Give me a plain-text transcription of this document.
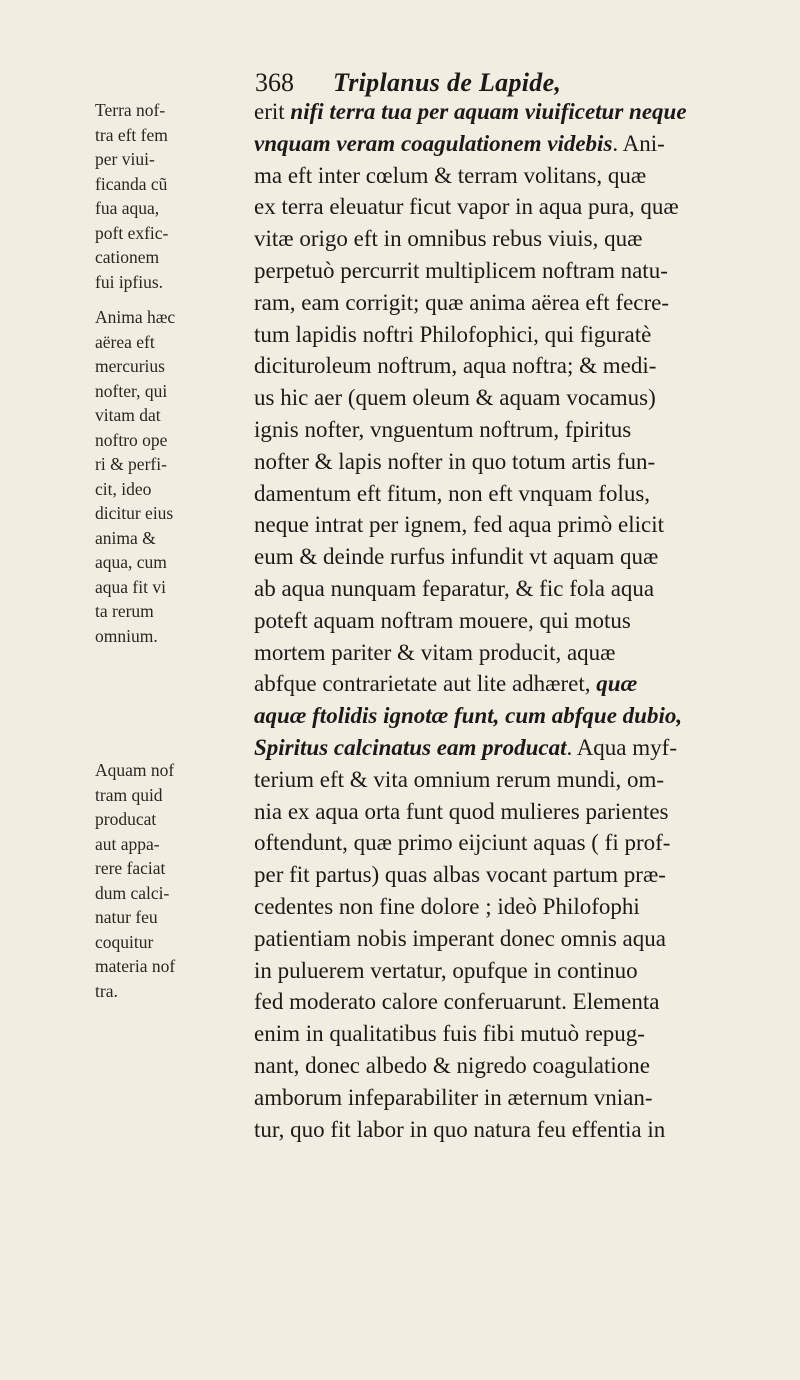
368	Triplanus de Lapide,
Terra nof-
tra eft fem
per viui-
ficanda cũ
fua aqua,
poft exfic-
cationem
fui ipfius.
Anima hæc
aërea eft
mercurius
nofter, qui
vitam dat
noftro ope
ri & perfi-
cit, ideo
dicitur eius
anima &
aqua, cum
aqua fit vi
ta rerum
omnium.
Aquam nof
tram quid
producat
aut appa-
rere faciat
dum calci-
natur feu
coquitur
materia nof
tra.
erit nifi terra tua per aquam viuificetur neque
vnquam veram coagulationem videbis. Ani-
ma eft inter cœlum & terram volitans, quæ
ex terra eleuatur ficut vapor in aqua pura, quæ
vitæ origo eft in omnibus rebus viuis, quæ
perpetuò percurrit multiplicem noftram natu-
ram, eam corrigit; quæ anima aërea eft fecre-
tum lapidis noftri Philofophici, qui figuratè
diciturоleum noftrum, aqua noftra; & medi-
us hic aer (quem oleum & aquam vocamus)
ignis nofter, vnguentum noftrum, fpiritus
nofter & lapis nofter in quo totum artis fun-
damentum eft fitum, non eft vnquam folus,
neque intrat per ignem, fed aqua primò elicit
eum & deinde rurfus infundit vt aquam quæ
ab aqua nunquam feparatur, & fic fola aqua
poteft aquam noftram mouere, qui motus
mortem pariter & vitam producit, aquæ
abfque contrarietate aut lite adhæret, quæ
aquæ ftolidis ignotæ funt, cum abfque dubio,
Spiritus calcinatus eam producat. Aqua myf-
terium eft & vita omnium rerum mundi, om-
nia ex aqua orta funt quod mulieres parientes
oftendunt, quæ primo eijciunt aquas ( fi prof-
per fit partus) quas albas vocant partum præ-
cedentes non fine dolore ; ideò Philofophi
patientiam nobis imperant donec omnis aqua
in puluerem vertatur, opufque in continuo
fed moderato calore conferuarunt. Elementa
enim in qualitatibus fuis fibi mutuò repug-
nant, donec albedo & nigredo coagulatione
amborum infeparabiliter in æternum vnian-
tur, quo fit labor in quo natura feu effentia in
